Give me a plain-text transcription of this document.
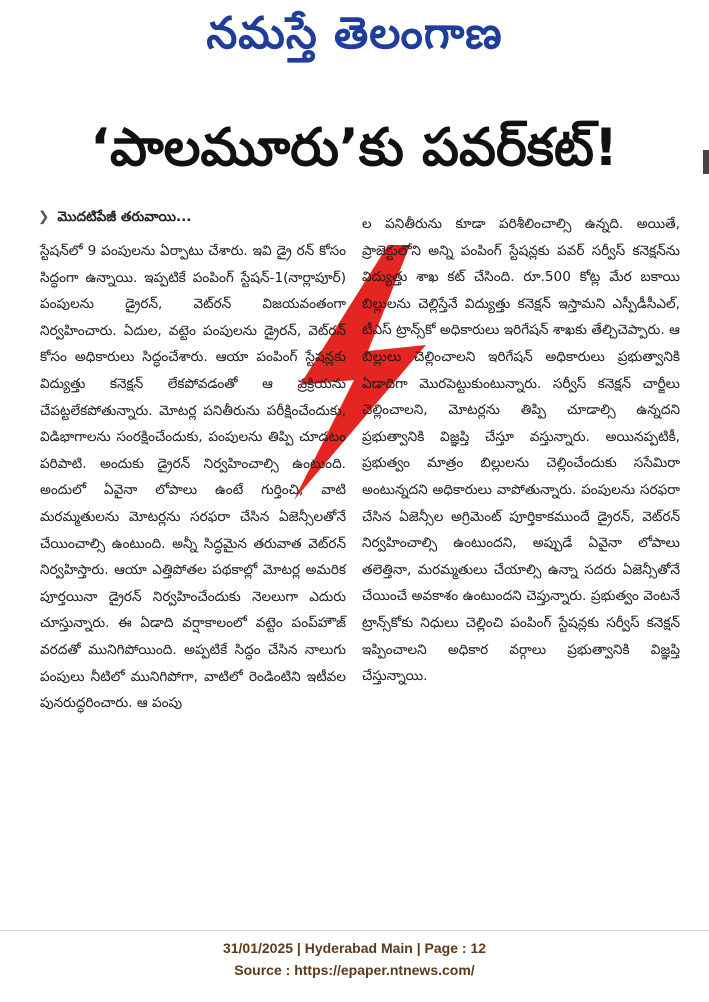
నమస్తే తెలంగాణ
‘పాలమూరు’కు పవర్‌కట్‌!
❯ మొదటిపేజీ తరువాయి...

స్టేషన్‌లో 9 పంపులను ఏర్పాటు చేశారు. ఇవి డ్రై రన్‌ కోసం సిద్ధంగా ఉన్నాయి. ఇప్పటికే పంపింగ్‌ స్టేషన్‌-1(నార్లాపూర్‌) పంపులను డ్రైరన్‌, వెట్‌రన్‌ విజయవంతంగా నిర్వహించారు. ఏదుల, వట్టెం పంపులను డ్రైరన్‌, వెట్‌రన్‌ కోసం అధికారులు సిద్ధంచేశారు. ఆయా పంపింగ్‌ స్టేషన్లకు విద్యుత్తు కనెక్షన్‌ లేకపోవడంతో ఆ ప్రక్రియను చేపట్టలేకపోతున్నారు. మోటర్ల పనితీరును పరీక్షించేందుకు, విడిభాగాలను సంరక్షించేందుకు, పంపులను తిప్పి చూడటం పరిపాటి. అందుకు డ్రైరన్‌ నిర్వహించాల్సి ఉంటుంది. అందులో ఏవైనా లోపాలు ఉంటే గుర్తించి, వాటి మరమ్మతులను మోటర్లను సరఫరా చేసిన ఏజెన్సీలతోనే చేయించాల్సి ఉంటుంది. అన్నీ సిద్ధమైన తరువాత వెట్‌రన్‌ నిర్వహిస్తారు. ఆయా ఎత్తిపోతల పథకాల్లో మోటర్ల అమరిక పూర్తయినా డ్రైరన్‌ నిర్వహించేందుకు నెలలుగా ఎదురు చూస్తున్నారు. ఈ ఏడాది వర్షాకాలంలో వట్టెం పంప్‌హౌజ్‌ వరదతో మునిగిపోయింది. అప్పటికే సిద్ధం చేసిన నాలుగు పంపులు నీటిలో మునిగిపోగా, వాటిలో రెండింటిని ఇటీవల పునరుద్ధరించారు. ఆ పంపు

ల పనితీరును కూడా పరిశీలించాల్సి ఉన్నది. అయితే, ప్రాజెక్టులోని అన్ని పంపింగ్‌ స్టేషన్లకు పవర్‌ సర్వీస్‌ కనెక్షన్‌ను విద్యుత్తు శాఖ కట్‌ చేసింది. రూ.500 కోట్ల మేర బకాయి బిల్లులను చెల్లిస్తేనే విద్యుత్తు కనెక్షన్‌ ఇస్తామని ఎస్పీడీసీఎల్‌, టీఎస్‌ ట్రాన్స్‌కో అధికారులు ఇరిగేషన్‌ శాఖకు తేల్చిచెప్పారు. ఆ బిల్లులు చెల్లించాలని ఇరిగేషన్‌ అధికారులు ప్రభుత్వానికి ఏడాదిగా మొరపెట్టుకుంటున్నారు. సర్వీస్‌ కనెక్షన్‌ చార్జీలు చెల్లించాలని, మోటర్లను తిప్పి చూడాల్సి ఉన్నదని ప్రభుత్వానికి విజ్ఞప్తి చేస్తూ వస్తున్నారు. అయినప్పటికీ, ప్రభుత్వం మాత్రం బిల్లులను చెల్లించేందుకు ససేమిరా అంటున్నదని అధికారులు వాపోతున్నారు. పంపులను సరఫరా చేసిన ఏజెన్సీల అగ్రిమెంట్‌ పూర్తికాకముందే డ్రైరన్‌, వెట్‌రన్‌ నిర్వహించాల్సి ఉంటుందని, అప్పుడే ఏవైనా లోపాలు తలెత్తినా, మరమ్మతులు చేయాల్సి ఉన్నా సదరు ఏజెన్సీతోనే చేయించే అవకాశం ఉంటుందని చెప్తున్నారు. ప్రభుత్వం వెంటనే ట్రాన్స్‌కోకు నిధులు చెల్లించి పంపింగ్‌ స్టేషన్లకు సర్వీస్‌ కనెక్షన్‌ ఇప్పించాలని అధికార వర్గాలు ప్రభుత్వానికి విజ్ఞప్తి చేస్తున్నాయి.

31/01/2025 | Hyderabad Main | Page : 12
Source : https://epaper.ntnews.com/
